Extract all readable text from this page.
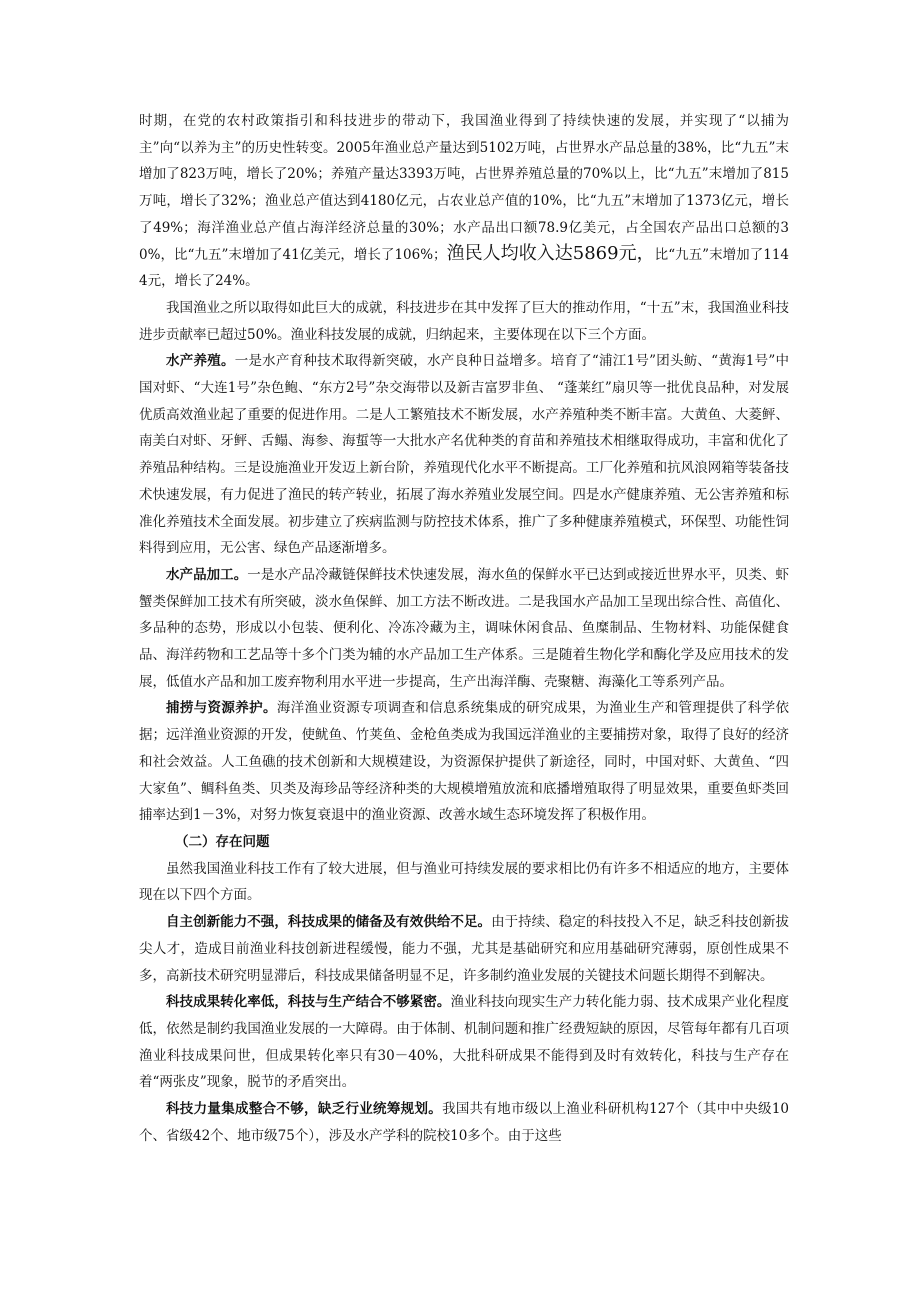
时期，在党的农村政策指引和科技进步的带动下，我国渔业得到了持续快速的发展，并实现了“以捕为主”向“以养为主”的历史性转变。2005年渔业总产量达到5102万吨，占世界水产品总量的38%，比“九五”末增加了823万吨，增长了20%；养殖产量达3393万吨，占世界养殖总量的70%以上，比“九五”末增加了815万吨，增长了32%；渔业总产值达到4180亿元，占农业总产值的10%，比“九五”末增加了1373亿元，增长了49%；海洋渔业总产值占海洋经济总量的30%；水产品出口额78.9亿美元，占全国农产品出口总额的30%，比“九五”末增加了41亿美元，增长了106%；渔民人均收入达5869元，比“九五”末增加了1144元，增长了24%。

我国渔业之所以取得如此巨大的成就，科技进步在其中发挥了巨大的推动作用，“十五”末，我国渔业科技进步贡献率已超过50%。渔业科技发展的成就，归纳起来，主要体现在以下三个方面。

水产养殖。一是水产育种技术取得新突破，水产良种日益增多。培育了“浦江1号”团头鲂、“黄海1号”中国对虾、“大连1号”杂色鲍、“东方2号”杂交海带以及新吉富罗非鱼、 “蓬莱红”扇贝等一批优良品种，对发展优质高效渔业起了重要的促进作用。二是人工繁殖技术不断发展，水产养殖种类不断丰富。大黄鱼、大菱鲆、南美白对虾、牙鲆、舌鳎、海参、海蜇等一大批水产名优种类的育苗和养殖技术相继取得成功，丰富和优化了养殖品种结构。三是设施渔业开发迈上新台阶，养殖现代化水平不断提高。工厂化养殖和抗风浪网箱等装备技术快速发展，有力促进了渔民的转产转业，拓展了海水养殖业发展空间。四是水产健康养殖、无公害养殖和标准化养殖技术全面发展。初步建立了疾病监测与防控技术体系，推广了多种健康养殖模式，环保型、功能性饲料得到应用，无公害、绿色产品逐渐增多。

水产品加工。一是水产品冷藏链保鲜技术快速发展，海水鱼的保鲜水平已达到或接近世界水平，贝类、虾蟹类保鲜加工技术有所突破，淡水鱼保鲜、加工方法不断改进。二是我国水产品加工呈现出综合性、高值化、多品种的态势，形成以小包装、便利化、冷冻冷藏为主，调味休闲食品、鱼糜制品、生物材料、功能保健食品、海洋药物和工艺品等十多个门类为辅的水产品加工生产体系。三是随着生物化学和酶化学及应用技术的发展，低值水产品和加工废弃物利用水平进一步提高，生产出海洋酶、壳聚糖、海藻化工等系列产品。

捕捞与资源养护。海洋渔业资源专项调查和信息系统集成的研究成果，为渔业生产和管理提供了科学依据；远洋渔业资源的开发，使鱿鱼、竹荚鱼、金枪鱼类成为我国远洋渔业的主要捕捞对象，取得了良好的经济和社会效益。人工鱼礁的技术创新和大规模建设，为资源保护提供了新途径，同时，中国对虾、大黄鱼、“四大家鱼”、鲷科鱼类、贝类及海珍品等经济种类的大规模增殖放流和底播增殖取得了明显效果，重要鱼虾类回捕率达到1－3%，对努力恢复衰退中的渔业资源、改善水域生态环境发挥了积极作用。

（二）存在问题

虽然我国渔业科技工作有了较大进展，但与渔业可持续发展的要求相比仍有许多不相适应的地方，主要体现在以下四个方面。

自主创新能力不强，科技成果的储备及有效供给不足。由于持续、稳定的科技投入不足，缺乏科技创新拔尖人才，造成目前渔业科技创新进程缓慢，能力不强，尤其是基础研究和应用基础研究薄弱，原创性成果不多，高新技术研究明显滞后，科技成果储备明显不足，许多制约渔业发展的关键技术问题长期得不到解决。

科技成果转化率低，科技与生产结合不够紧密。渔业科技向现实生产力转化能力弱、技术成果产业化程度低，依然是制约我国渔业发展的一大障碍。由于体制、机制问题和推广经费短缺的原因，尽管每年都有几百项渔业科技成果问世，但成果转化率只有30－40%，大批科研成果不能得到及时有效转化，科技与生产存在着“两张皮”现象，脱节的矛盾突出。

科技力量集成整合不够，缺乏行业统筹规划。我国共有地市级以上渔业科研机构127个（其中中央级10个、省级42个、地市级75个），涉及水产学科的院校10多个。由于这些
